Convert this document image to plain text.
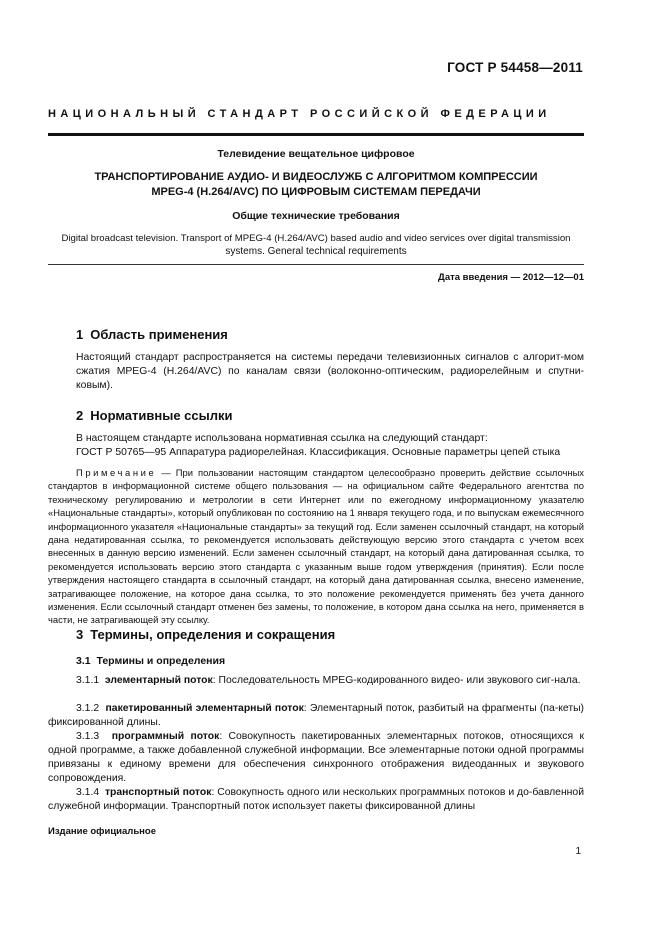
ГОСТ Р 54458—2011
НАЦИОНАЛЬНЫЙ СТАНДАРТ РОССИЙСКОЙ ФЕДЕРАЦИИ
Телевидение вещательное цифровое
ТРАНСПОРТИРОВАНИЕ АУДИО- И ВИДЕОСЛУЖБ С АЛГОРИТМОМ КОМПРЕССИИ
MPEG-4 (H.264/AVC) ПО ЦИФРОВЫМ СИСТЕМАМ ПЕРЕДАЧИ
Общие технические требования
Digital broadcast television. Transport of MPEG-4 (H.264/AVC) based audio and video services over digital transmission
systems. General technical requirements
Дата введения — 2012—12—01
1 Область применения
Настоящий стандарт распространяется на системы передачи телевизионных сигналов с алгорит-мом сжатия MPEG-4 (H.264/AVC) по каналам связи (волоконно-оптическим, радиорелейным и спутни-ковым).
2 Нормативные ссылки
В настоящем стандарте использована нормативная ссылка на следующий стандарт:
ГОСТ Р 50765—95 Аппаратура радиорелейная. Классификация. Основные параметры цепей стыка
Примечание — При пользовании настоящим стандартом целесообразно проверить действие ссылочных стандартов в информационной системе общего пользования — на официальном сайте Федерального агентства по техническому регулированию и метрологии в сети Интернет или по ежегодному информационному указателю «Национальные стандарты», который опубликован по состоянию на 1 января текущего года, и по выпускам ежемесячного информационного указателя «Национальные стандарты» за текущий год. Если заменен ссылочный стандарт, на который дана недатированная ссылка, то рекомендуется использовать действующую версию этого стандарта с учетом всех внесенных в данную версию изменений. Если заменен ссылочный стандарт, на который дана датированная ссылка, то рекомендуется использовать версию этого стандарта с указанным выше годом утверждения (принятия). Если после утверждения настоящего стандарта в ссылочный стандарт, на который дана датированная ссылка, внесено изменение, затрагивающее положение, на которое дана ссылка, то это положение рекомендуется применять без учета данного изменения. Если ссылочный стандарт отменен без замены, то положение, в котором дана ссылка на него, применяется в части, не затрагивающей эту ссылку.
3 Термины, определения и сокращения
3.1 Термины и определения
3.1.1 элементарный поток: Последовательность MPEG-кодированного видео- или звукового сиг-нала.
3.1.2 пакетированный элементарный поток: Элементарный поток, разбитый на фрагменты (па-кеты) фиксированной длины.
3.1.3 программный поток: Совокупность пакетированных элементарных потоков, относящихся к одной программе, а также добавленной служебной информации. Все элементарные потоки одной программы привязаны к единому времени для обеспечения синхронного отображения видеоданных и звукового сопровождения.
3.1.4 транспортный поток: Совокупность одного или нескольких программных потоков и до-бавленной служебной информации. Транспортный поток использует пакеты фиксированной длины
Издание официальное
1
